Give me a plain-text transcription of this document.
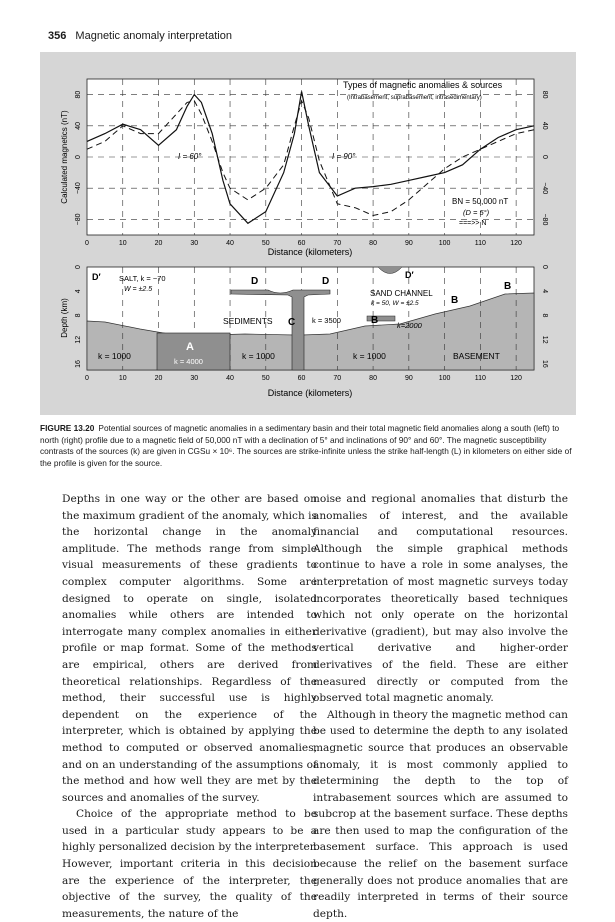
356 Magnetic anomaly interpretation
0	10	20	30	40	50	60	70	80	90	100	110	120
80	80
40	40
0	0
−40	−40
−80	−80
Types of magnetic anomalies & sources
(Intrabasement, suprabasement, intrasedimentary)
I = 60°	I = 90°
BN = 50,000 nT
(D = 5°)
===>> N
Calculated magnetics (nT)
Distance (kilometers)
0	10	20	30	40	50	60	70	80	90	100	110	120
0	0
4	4
8	8
12	12
16	16
D′ SALT, k = −70
W = ±2.5
D	D
D′
SAND CHANNEL
k = 50, W = ±2.5	B
B
B	k=2000
SEDIMENTS C k = 3500
A
k = 4000
k = 1000	k = 1000	k = 1000	BASEMENT
Depth (km)
Distance (kilometers)
FIGURE 13.20 Potential sources of magnetic anomalies in a sedimentary basin and their total magnetic field anomalies along a south (left) to north (right) profile due to a magnetic field of 50,000 nT with a declination of 5° and inclinations of 90° and 60°. The magnetic susceptibility contrasts of the sources (k) are given in CGSu × 10⁶. The sources are strike-infinite unless the strike half-length (L) in kilometers on either side of the profile is given for the source.

Depths in one way or the other are based on the maximum gradient of the anomaly, which is the horizontal change in the anomaly amplitude. The methods range from simple visual measurements of these gradients to complex computer algorithms. Some are designed to operate on single, isolated anomalies while others are intended to interrogate many complex anomalies in either profile or map format. Some of the methods are empirical, others are derived from theoretical relationships. Regardless of the method, their successful use is highly dependent on the experience of the interpreter, which is obtained by applying the method to computed or observed anomalies, and on an understanding of the assumptions of the method and how well they are met by the sources and anomalies of the survey.

Choice of the appropriate method to be used in a particular study appears to be a highly personalized decision by the interpreter. However, important criteria in this decision are the experience of the interpreter, the objective of the survey, the quality of the measurements, the nature of the

noise and regional anomalies that disturb the anomalies of interest, and the available financial and computational resources. Although the simple graphical methods continue to have a role in some analyses, the interpretation of most magnetic surveys today incorporates theoretically based techniques which not only operate on the horizontal derivative (gradient), but may also involve the vertical derivative and higher-order derivatives of the field. These are either measured directly or computed from the observed total magnetic anomaly.

Although in theory the magnetic method can be used to determine the depth to any isolated magnetic source that produces an observable anomaly, it is most commonly applied to determining the depth to the top of intrabasement sources which are assumed to subcrop at the basement surface. These depths are then used to map the configuration of the basement surface. This approach is used because the relief on the basement surface generally does not produce anomalies that are readily interpreted in terms of their source depth.
